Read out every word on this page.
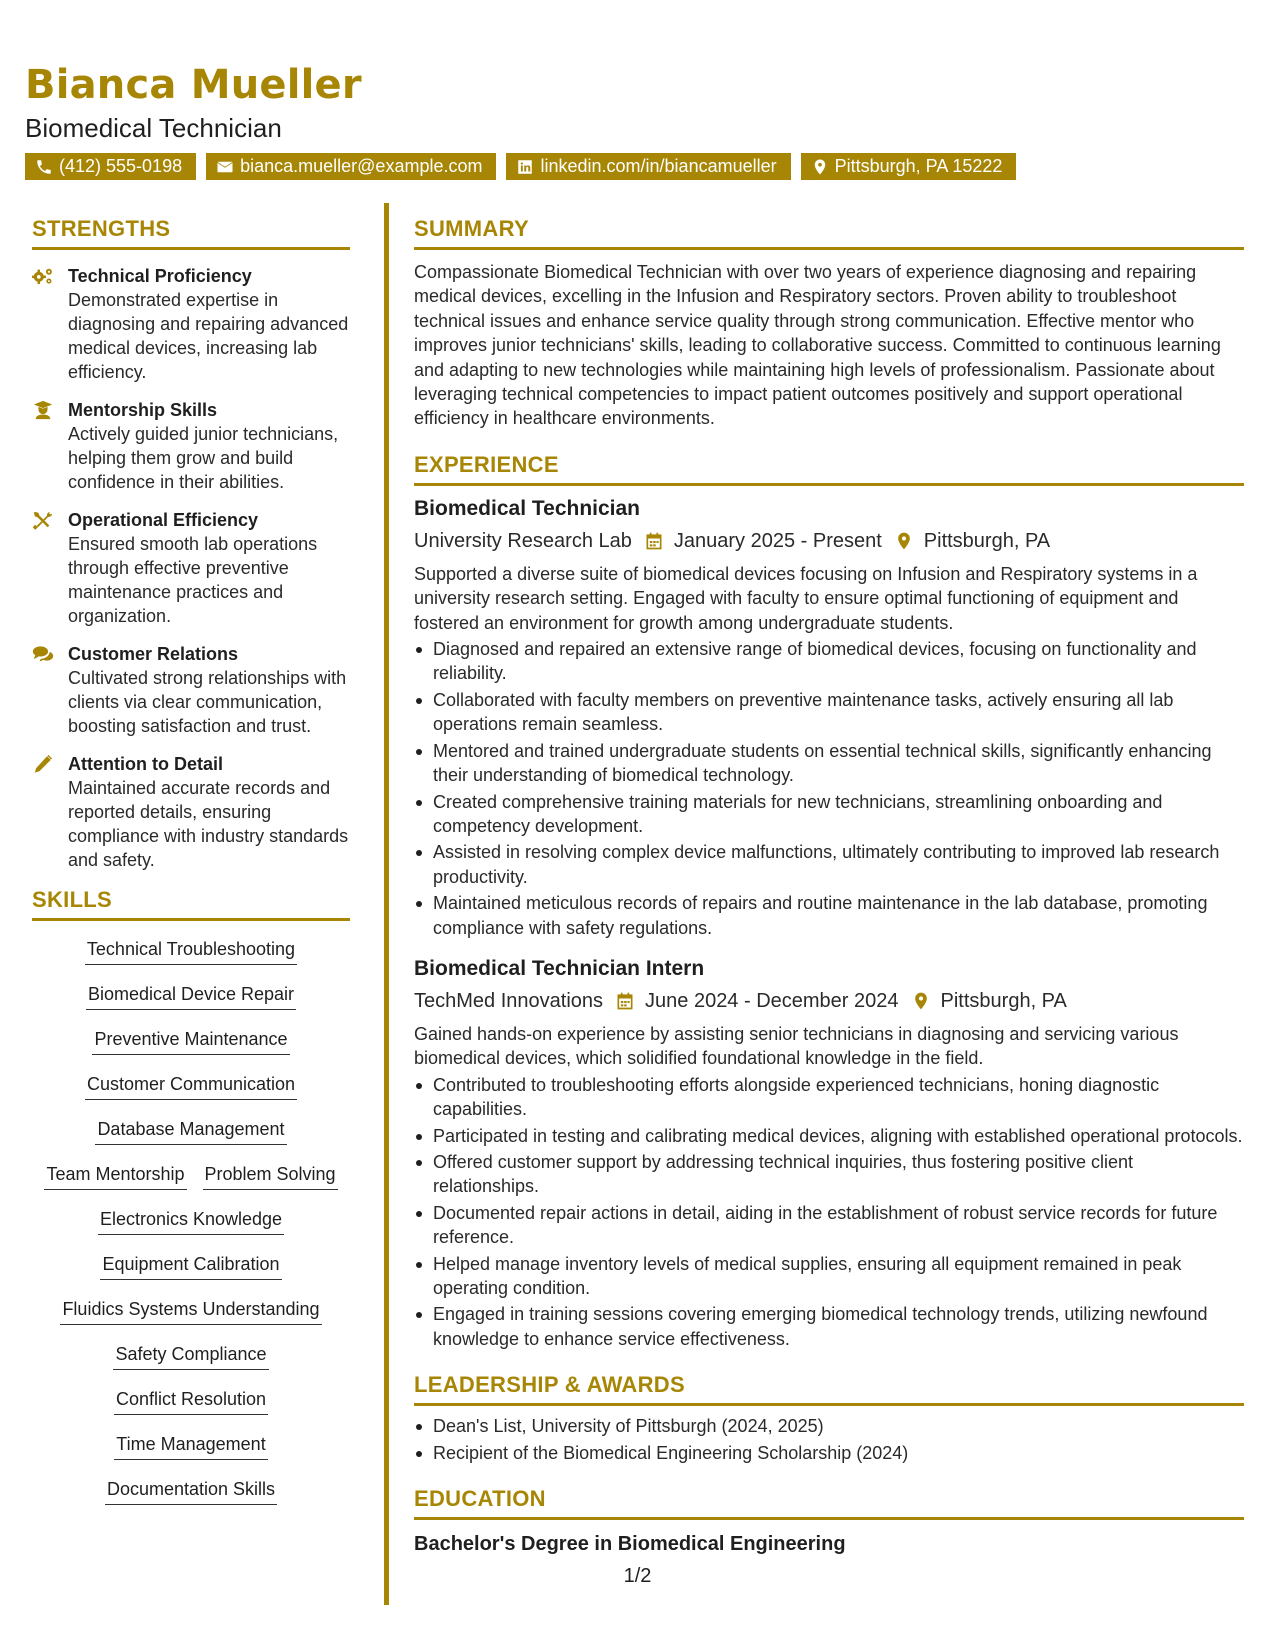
Bianca Mueller
Biomedical Technician
(412) 555-0198	bianca.mueller@example.com	linkedin.com/in/biancamueller	Pittsburgh, PA 15222
STRENGTHS
Technical Proficiency
Demonstrated expertise in diagnosing and repairing advanced medical devices, increasing lab efficiency.
Mentorship Skills
Actively guided junior technicians, helping them grow and build confidence in their abilities.
Operational Efficiency
Ensured smooth lab operations through effective preventive maintenance practices and organization.
Customer Relations
Cultivated strong relationships with clients via clear communication, boosting satisfaction and trust.
Attention to Detail
Maintained accurate records and reported details, ensuring compliance with industry standards and safety.
SKILLS
Technical Troubleshooting
Biomedical Device Repair
Preventive Maintenance
Customer Communication
Database Management
Team Mentorship Problem Solving
Electronics Knowledge
Equipment Calibration
Fluidics Systems Understanding
Safety Compliance
Conflict Resolution
Time Management
Documentation Skills
SUMMARY
Compassionate Biomedical Technician with over two years of experience diagnosing and repairing medical devices, excelling in the Infusion and Respiratory sectors. Proven ability to troubleshoot technical issues and enhance service quality through strong communication. Effective mentor who improves junior technicians' skills, leading to collaborative success. Committed to continuous learning and adapting to new technologies while maintaining high levels of professionalism. Passionate about leveraging technical competencies to impact patient outcomes positively and support operational efficiency in healthcare environments.
EXPERIENCE
Biomedical Technician
University Research Lab January 2025 - Present Pittsburgh, PA
Supported a diverse suite of biomedical devices focusing on Infusion and Respiratory systems in a university research setting. Engaged with faculty to ensure optimal functioning of equipment and fostered an environment for growth among undergraduate students.
Diagnosed and repaired an extensive range of biomedical devices, focusing on functionality and reliability.
Collaborated with faculty members on preventive maintenance tasks, actively ensuring all lab operations remain seamless.
Mentored and trained undergraduate students on essential technical skills, significantly enhancing their understanding of biomedical technology.
Created comprehensive training materials for new technicians, streamlining onboarding and competency development.
Assisted in resolving complex device malfunctions, ultimately contributing to improved lab research productivity.
Maintained meticulous records of repairs and routine maintenance in the lab database, promoting compliance with safety regulations.
Biomedical Technician Intern
TechMed Innovations June 2024 - December 2024 Pittsburgh, PA
Gained hands-on experience by assisting senior technicians in diagnosing and servicing various biomedical devices, which solidified foundational knowledge in the field.
Contributed to troubleshooting efforts alongside experienced technicians, honing diagnostic capabilities.
Participated in testing and calibrating medical devices, aligning with established operational protocols.
Offered customer support by addressing technical inquiries, thus fostering positive client relationships.
Documented repair actions in detail, aiding in the establishment of robust service records for future reference.
Helped manage inventory levels of medical supplies, ensuring all equipment remained in peak operating condition.
Engaged in training sessions covering emerging biomedical technology trends, utilizing newfound knowledge to enhance service effectiveness.
LEADERSHIP & AWARDS
Dean's List, University of Pittsburgh (2024, 2025)
Recipient of the Biomedical Engineering Scholarship (2024)
EDUCATION
Bachelor's Degree in Biomedical Engineering
1/2
